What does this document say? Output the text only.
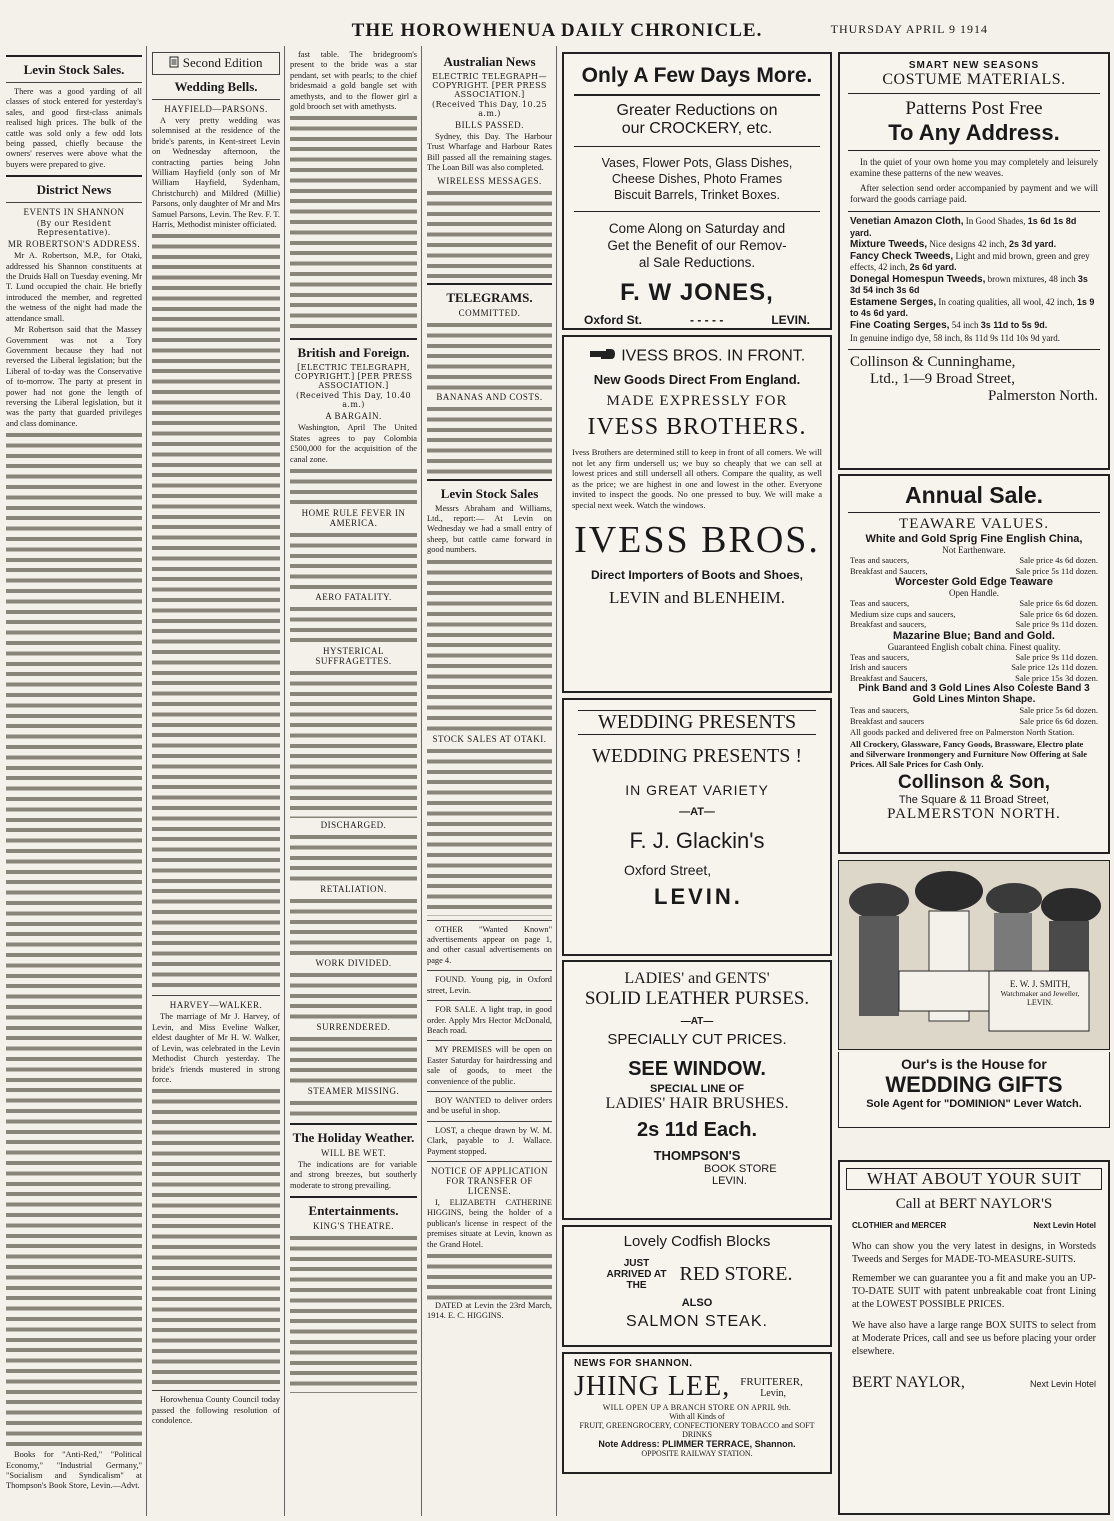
THE HOROWHENUA DAILY CHRONICLE.	THURSDAY APRIL 9 1914
Levin Stock Sales.
There was a good yarding of all classes of stock entered for yesterday's sales, and good first-class animals realised high prices. The bulk of the cattle was sold only a few odd lots being passed, chiefly because the owners' reserves were above what the buyers were prepared to give.
District News
EVENTS IN SHANNON
(By our Resident Representative).
MR ROBERTSON'S ADDRESS.
Mr A. Robertson, M.P., for Otaki, addressed his Shannon constituents at the Druids Hall on Tuesday evening. Mr T. Lund occupied the chair. He briefly introduced the member, and regretted the wetness of the night had made the attendance small.
Mr Robertson said that the Massey Government was not a Tory Government because they had not reversed the Liberal legislation; but the Liberal of to-day was the Conservative of to-morrow. The party at present in power had not gone the length of reversing the Liberal legislation, but it was the party that guarded privileges and class dominance.
Books for "Anti-Red," "Political Economy," "Industrial Germany," "Socialism and Syndicalism" at Thompson's Book Store, Levin.—Advt.
Second Edition
Wedding Bells.
HAYFIELD—PARSONS.
A very pretty wedding was solemnised at the residence of the bride's parents, in Kent-street Levin on Wednesday afternoon, the contracting parties being John William Hayfield (only son of Mr William Hayfield, Sydenham, Christchurch) and Mildred (Millie) Parsons, only daughter of Mr and Mrs Samuel Parsons, Levin. The Rev. F. T. Harris, Methodist minister officiated.
HARVEY—WALKER.
The marriage of Mr J. Harvey, of Levin, and Miss Eveline Walker, eldest daughter of Mr H. W. Walker, of Levin, was celebrated in the Levin Methodist Church yesterday. The bride's friends mustered in strong force.
Horowhenua County Council today passed the following resolution of condolence.
fast table. The bridegroom's present to the bride was a star pendant, set with pearls; to the chief bridesmaid a gold bangle set with amethysts, and to the flower girl a gold brooch set with amethysts.
British and Foreign.
[ELECTRIC TELEGRAPH, COPYRIGHT.] [PER PRESS ASSOCIATION.]
(Received This Day, 10.40 a.m.)
A BARGAIN.
Washington, April The United States agrees to pay Colombia £500,000 for the acquisition of the canal zone.
HOME RULE FEVER IN AMERICA.
AERO FATALITY.
HYSTERICAL SUFFRAGETTES.
DISCHARGED.
RETALIATION.
WORK DIVIDED.
SURRENDERED.
STEAMER MISSING.
The Holiday Weather.
WILL BE WET.
The indications are for variable and strong breezes, but southerly moderate to strong prevailing.
Entertainments.
KING'S THEATRE.
Australian News
ELECTRIC TELEGRAPH—COPYRIGHT. [PER PRESS ASSOCIATION.]
(Received This Day, 10.25 a.m.)
BILLS PASSED.
Sydney, this Day. The Harbour Trust Wharfage and Harbour Rates Bill passed all the remaining stages. The Loan Bill was also completed.
WIRELESS MESSAGES.
TELEGRAMS.
COMMITTED.
BANANAS AND COSTS.
Levin Stock Sales
Messrs Abraham and Williams, Ltd., report:— At Levin on Wednesday we had a small entry of sheep, but cattle came forward in good numbers.
STOCK SALES AT OTAKI.
OTHER "Wanted Known" advertisements appear on page 1, and other casual advertisements on page 4.
FOUND. Young pig, in Oxford street, Levin.
FOR SALE. A light trap, in good order. Apply Mrs Hector McDonald, Beach road.
MY PREMISES will be open on Easter Saturday for hairdressing and sale of goods, to meet the convenience of the public.
BOY WANTED to deliver orders and be useful in shop.
LOST, a cheque drawn by W. M. Clark, payable to J. Wallace. Payment stopped.
NOTICE OF APPLICATION FOR TRANSFER OF LICENSE.
I, ELIZABETH CATHERINE HIGGINS, being the holder of a publican's license in respect of the premises situate at Levin, known as the Grand Hotel.
DATED at Levin the 23rd March, 1914. E. C. HIGGINS.
Only A Few Days More.
Greater Reductions on
our CROCKERY, etc.
Vases, Flower Pots, Glass Dishes,
Cheese Dishes, Photo Frames
Biscuit Barrels, Trinket Boxes.
Come Along on Saturday and
Get the Benefit of our Remov-
al Sale Reductions.
F. W JONES,
Oxford St.	- - - - -	LEVIN.
SMART NEW SEASONS
COSTUME MATERIALS.
Patterns Post Free
To Any Address.
In the quiet of your own home you may completely and leisurely examine these patterns of the new weaves.
After selection send order accompanied by payment and we will forward the goods carriage paid.
Venetian Amazon Cloth, In Good Shades, 1s 6d 1s 8d yard.
Mixture Tweeds, Nice designs 42 inch, 2s 3d yard.
Fancy Check Tweeds, Light and mid brown, green and grey effects, 42 inch, 2s 6d yard.
Donegal Homespun Tweeds, brown mixtures, 48 inch 3s 3d 54 inch 3s 6d
Estamene Serges, In coating qualities, all wool, 42 inch, 1s 9 to 4s 6d yard.
Fine Coating Serges, 54 inch 3s 11d to 5s 9d.
In genuine indigo dye, 58 inch, 8s 11d 9s 11d 10s 9d yard.
Collinson & Cunninghame,
Ltd., 1—9 Broad Street,
Palmerston North.
IVESS BROS. IN FRONT.
New Goods Direct From England.
MADE EXPRESSLY FOR
IVESS BROTHERS.
Ivess Brothers are determined still to keep in front of all comers. We will not let any firm undersell us; we buy so cheaply that we can sell at lowest prices and still undersell all others. Compare the quality, as well as the price; we are highest in one and lowest in the other. Everyone invited to inspect the goods. No one pressed to buy. We will make a special next week. Watch the windows.
IVESS BROS.
Direct Importers of Boots and Shoes,
LEVIN and BLENHEIM.
Annual Sale.
TEAWARE VALUES.
White and Gold Sprig Fine English China,
Not Earthenware.
Teas and saucers,	Sale price 4s 6d dozen.
Breakfast and Saucers,	Sale price 5s 11d dozen.
Worcester Gold Edge Teaware
Open Handle.
Teas and saucers,	Sale price 6s 6d dozen.
Medium size cups and saucers,	Sale price 6s 6d dozen.
Breakfast and saucers,	Sale price 9s 11d dozen.
Mazarine Blue; Band and Gold.
Guaranteed English cobalt china. Finest quality.
Teas and saucers,	Sale price 9s 11d dozen.
Irish and saucers	Sale price 12s 11d dozen.
Breakfast and Saucers,	Sale price 15s 3d dozen.
Pink Band and 3 Gold Lines Also Coleste Band 3 Gold Lines Minton Shape.
Teas and saucers,	Sale price 5s 6d dozen.
Breakfast and saucers	Sale price 6s 6d dozen.
All goods packed and delivered free on Palmerston North Station.
All Crockery, Glassware, Fancy Goods, Brassware, Electro plate and Silverware Ironmongery and Furniture Now Offering at Sale Prices. All Sale Prices for Cash Only.
Collinson & Son,
The Square & 11 Broad Street,
PALMERSTON NORTH.
WEDDING PRESENTS
WEDDING PRESENTS !
IN GREAT VARIETY
—AT—
F. J. Glackin's
Oxford Street,
LEVIN.
E. W. J. SMITH,
Watchmaker and Jeweller,
LEVIN.
Our's is the House for
WEDDING GIFTS
Sole Agent for "DOMINION" Lever Watch.
LADIES' and GENTS'
SOLID LEATHER PURSES.
—AT—
SPECIALLY CUT PRICES.
SEE WINDOW.
SPECIAL LINE OF
LADIES' HAIR BRUSHES.
2s 11d Each.
THOMPSON'S
BOOK STORE
LEVIN.	WHAT ABOUT YOUR SUIT
Call at BERT NAYLOR'S
CLOTHIER and MERCER	Next Levin Hotel
Who can show you the very latest in designs, in Worsteds Tweeds and Serges for MADE-TO-MEASURE-SUITS.
Remember we can guarantee you a fit and make you an UP-TO-DATE SUIT with patent unbreakable coat front Lining at the LOWEST POSSIBLE PRICES.
We have also have a large range BOX SUITS to select from at Moderate Prices, call and see us before placing your order elsewhere.
BERT NAYLOR,	Next Levin Hotel
Lovely Codfish Blocks
JUST ARRIVED AT THE
RED STORE.
ALSO
SALMON STEAK.
NEWS FOR SHANNON.
JHING LEE, FRUITERER,
Levin,
WILL OPEN UP A BRANCH STORE ON APRIL 9th.
With all Kinds of
FRUIT, GREENGROCERY, CONFECTIONERY TOBACCO and SOFT DRINKS
Note Address: PLIMMER TERRACE, Shannon.
OPPOSITE RAILWAY STATION.
